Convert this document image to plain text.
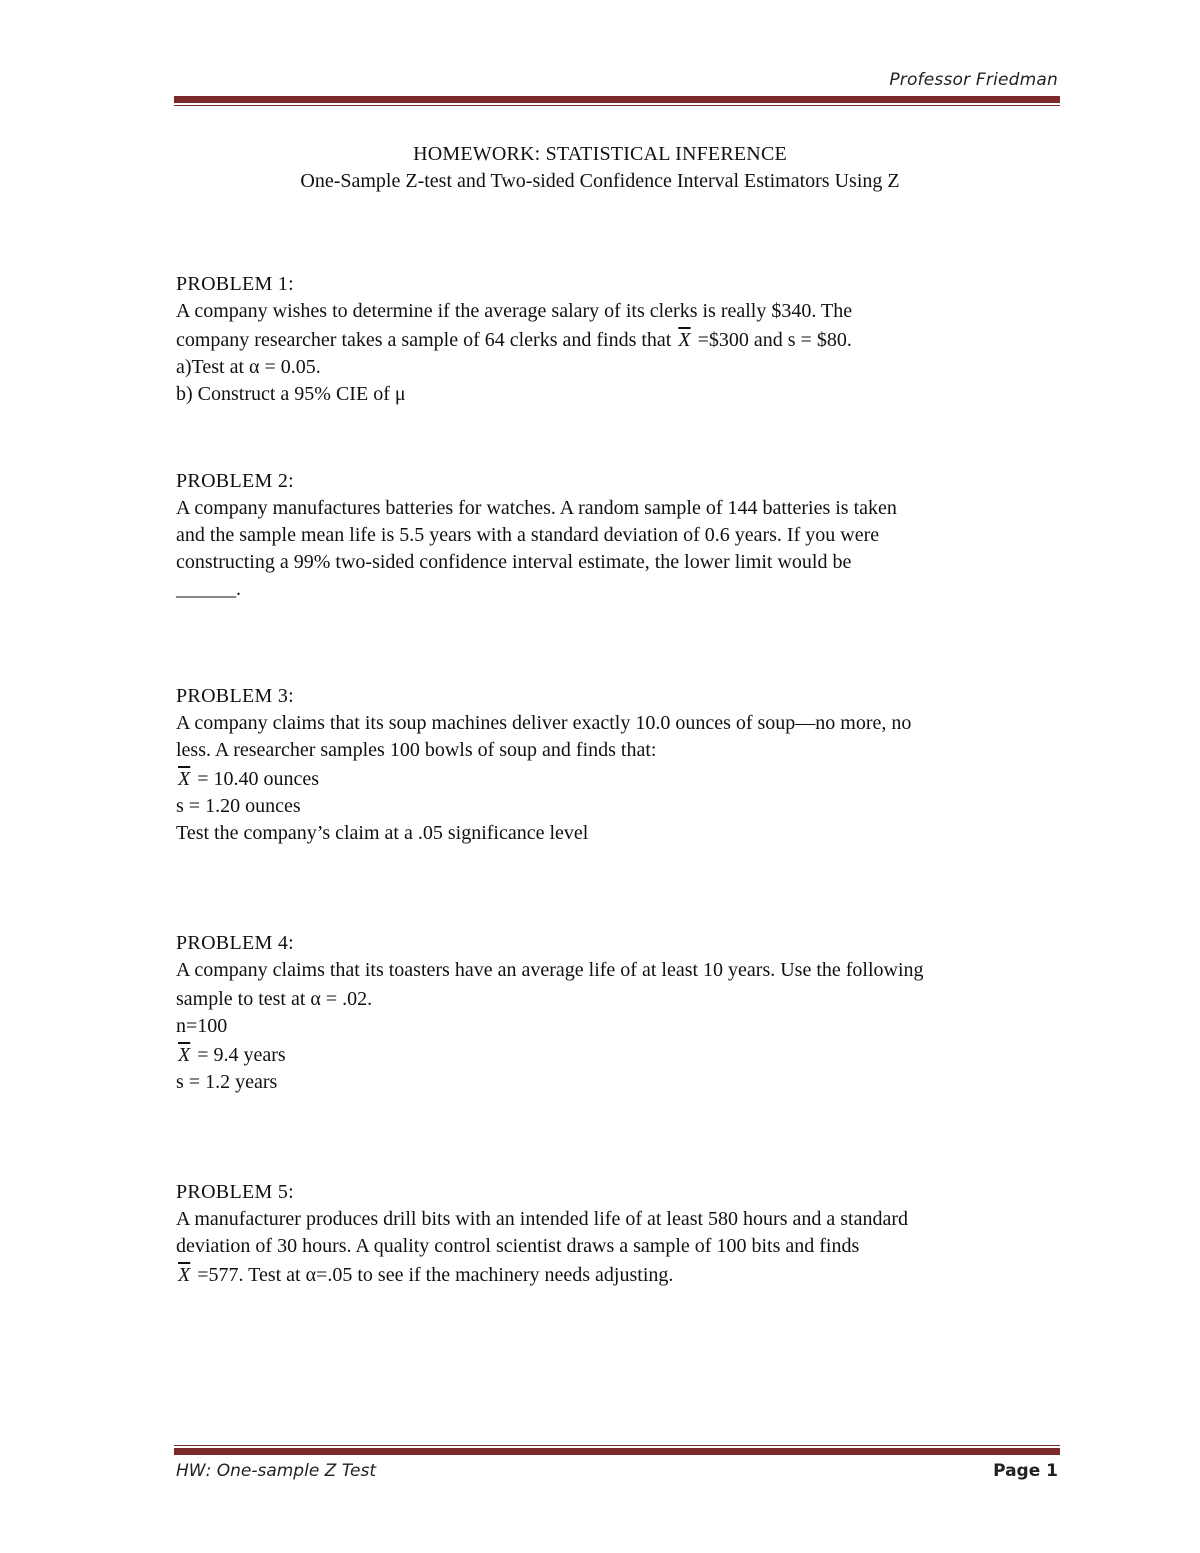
Professor Friedman
HOMEWORK: STATISTICAL INFERENCE
One-Sample Z-test and Two-sided Confidence Interval Estimators Using Z
PROBLEM 1:
A company wishes to determine if the average salary of its clerks is really $340. The
company researcher takes a sample of 64 clerks and finds that $\overline{X}$ =$300 and s = $80.
a)Test at α = 0.05.
b) Construct a 95% CIE of μ
PROBLEM 2:
A company manufactures batteries for watches. A random sample of 144 batteries is taken
and the sample mean life is 5.5 years with a standard deviation of 0.6 years. If you were
constructing a 99% two-sided confidence interval estimate, the lower limit would be
______.
PROBLEM 3:
A company claims that its soup machines deliver exactly 10.0 ounces of soup—no more, no
less. A researcher samples 100 bowls of soup and finds that:
$\overline{X} = 10.40$ ounces
s = 1.20 ounces
Test the company’s claim at a .05 significance level
PROBLEM 4:
A company claims that its toasters have an average life of at least 10 years. Use the following
sample to test at α = .02.
n=100
$\overline{X} = 9.4$ years
s = 1.2 years
PROBLEM 5:
A manufacturer produces drill bits with an intended life of at least 580 hours and a standard
deviation of 30 hours. A quality control scientist draws a sample of 100 bits and finds
$\overline{X} =577$. Test at α=.05 to see if the machinery needs adjusting.
HW: One-sample Z Test	Page 1
